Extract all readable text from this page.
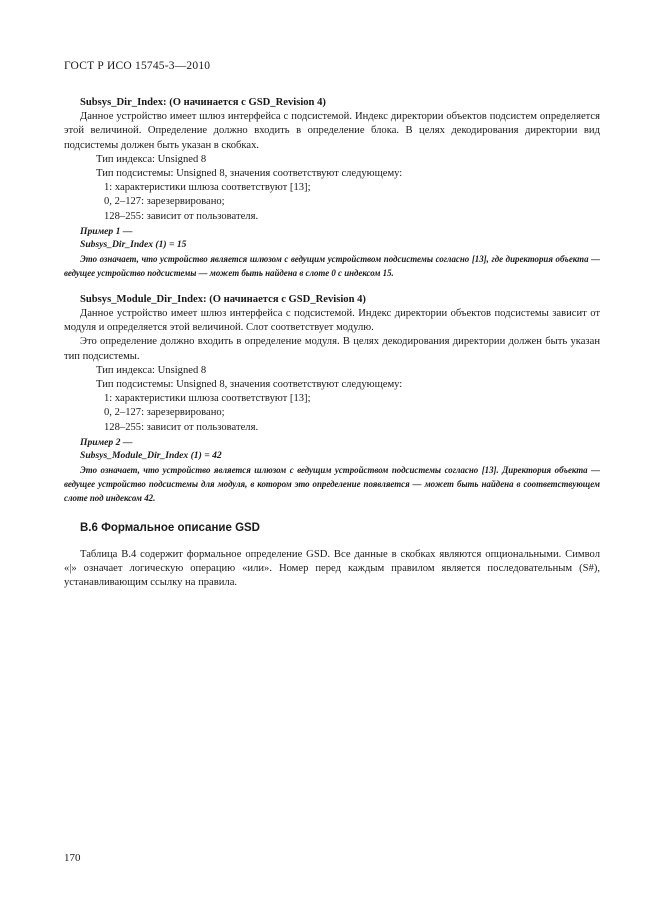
ГОСТ Р ИСО 15745-3—2010

Subsys_Dir_Index: (О начинается с GSD_Revision 4)

Данное устройство имеет шлюз интерфейса с подсистемой. Индекс директории объектов подсистем определяется этой величиной. Определение должно входить в определение блока. В целях декодирования директории вид подсистемы должен быть указан в скобках.

Тип индекса: Unsigned 8

Тип подсистемы: Unsigned 8, значения соответствуют следующему:

1: характеристики шлюза соответствуют [13];

0, 2–127: зарезервировано;

128–255: зависит от пользователя.

Пример 1 —

Subsys_Dir_Index (1) = 15

Это означает, что устройство является шлюзом с ведущим устройством подсистемы согласно [13], где директория объекта — ведущее устройство подсистемы — может быть найдена в слоте 0 с индексом 15.

Subsys_Module_Dir_Index: (О начинается с GSD_Revision 4)

Данное устройство имеет шлюз интерфейса с подсистемой. Индекс директории объектов подсистемы зависит от модуля и определяется этой величиной. Слот соответствует модулю.

Это определение должно входить в определение модуля. В целях декодирования директории должен быть указан тип подсистемы.

Тип индекса: Unsigned 8

Тип подсистемы: Unsigned 8, значения соответствуют следующему:

1: характеристики шлюза соответствуют [13];

0, 2–127: зарезервировано;

128–255: зависит от пользователя.

Пример 2 —

Subsys_Module_Dir_Index (1) = 42

Это означает, что устройство является шлюзом с ведущим устройством подсистемы согласно [13]. Директория объекта — ведущее устройство подсистемы для модуля, в котором это определение появляется — может быть найдена в соответствующем слоте под индексом 42.

В.6 Формальное описание GSD

Таблица В.4 содержит формальное определение GSD. Все данные в скобках являются опциональными. Символ «|» означает логическую операцию «или». Номер перед каждым правилом является последовательным (S#), устанавливающим ссылку на правила.

170
